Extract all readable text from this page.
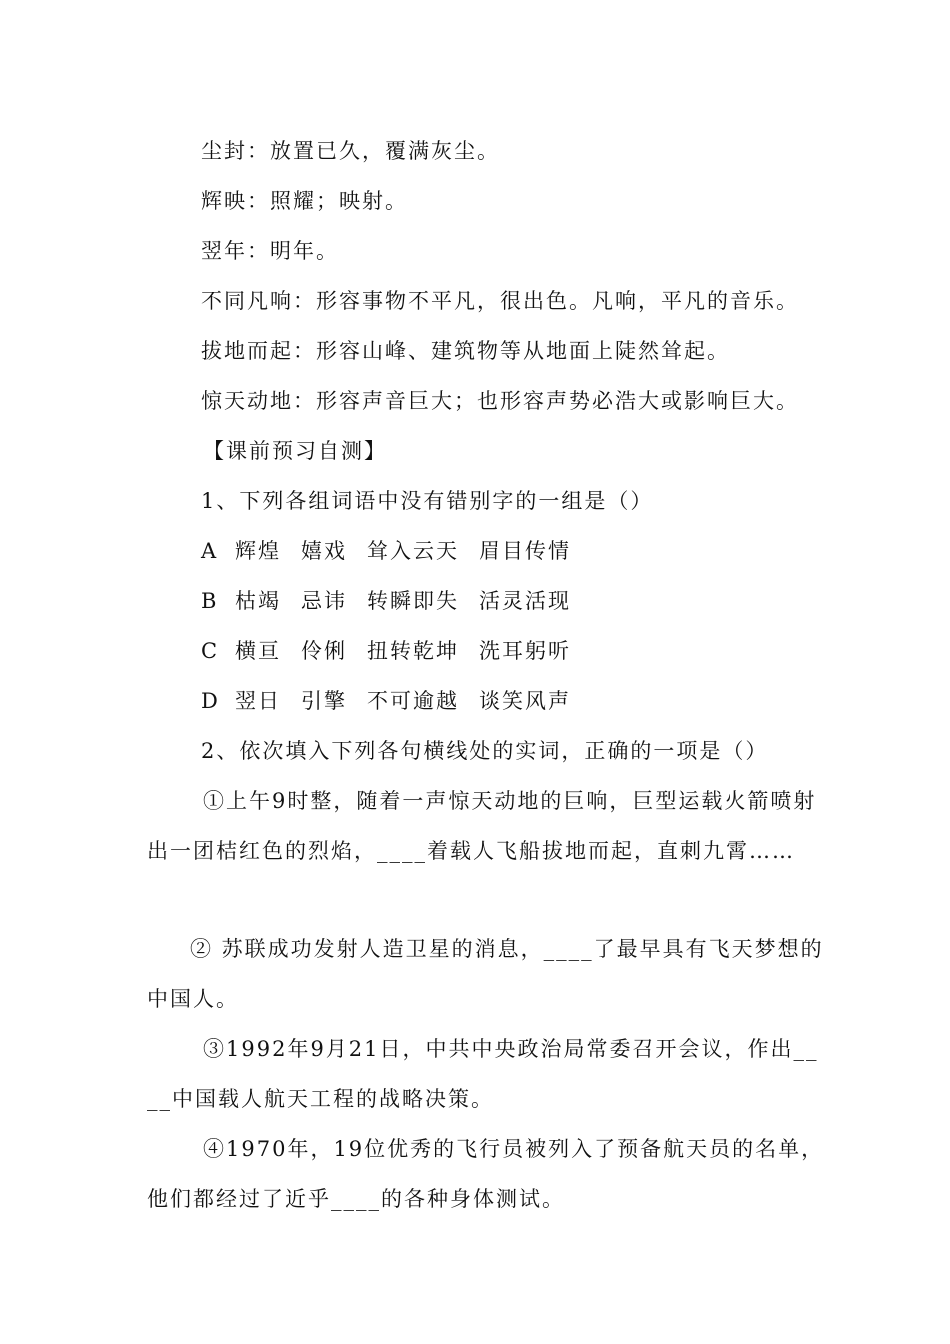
尘封：放置已久，覆满灰尘。
辉映：照耀；映射。
翌年：明年。
不同凡响：形容事物不平凡，很出色。凡响，平凡的音乐。
拔地而起：形容山峰、建筑物等从地面上陡然耸起。
惊天动地：形容声音巨大；也形容声势必浩大或影响巨大。
【课前预习自测】
1、下列各组词语中没有错别字的一组是（）
A 辉煌 嬉戏 耸入云天 眉目传情
B 枯竭 忌讳 转瞬即失 活灵活现
C 横亘 伶俐 扭转乾坤 洗耳躬听
D 翌日 引擎 不可逾越 谈笑风声
2、依次填入下列各句横线处的实词，正确的一项是（）
①上午9时整，随着一声惊天动地的巨响，巨型运载火箭喷射
出一团桔红色的烈焰，____着载人飞船拔地而起，直刺九霄……
② 苏联成功发射人造卫星的消息，____了最早具有飞天梦想的
中国人。
③1992年9月21日，中共中央政治局常委召开会议，作出__
__中国载人航天工程的战略决策。
④1970年，19位优秀的飞行员被列入了预备航天员的名单，
他们都经过了近乎____的各种身体测试。
